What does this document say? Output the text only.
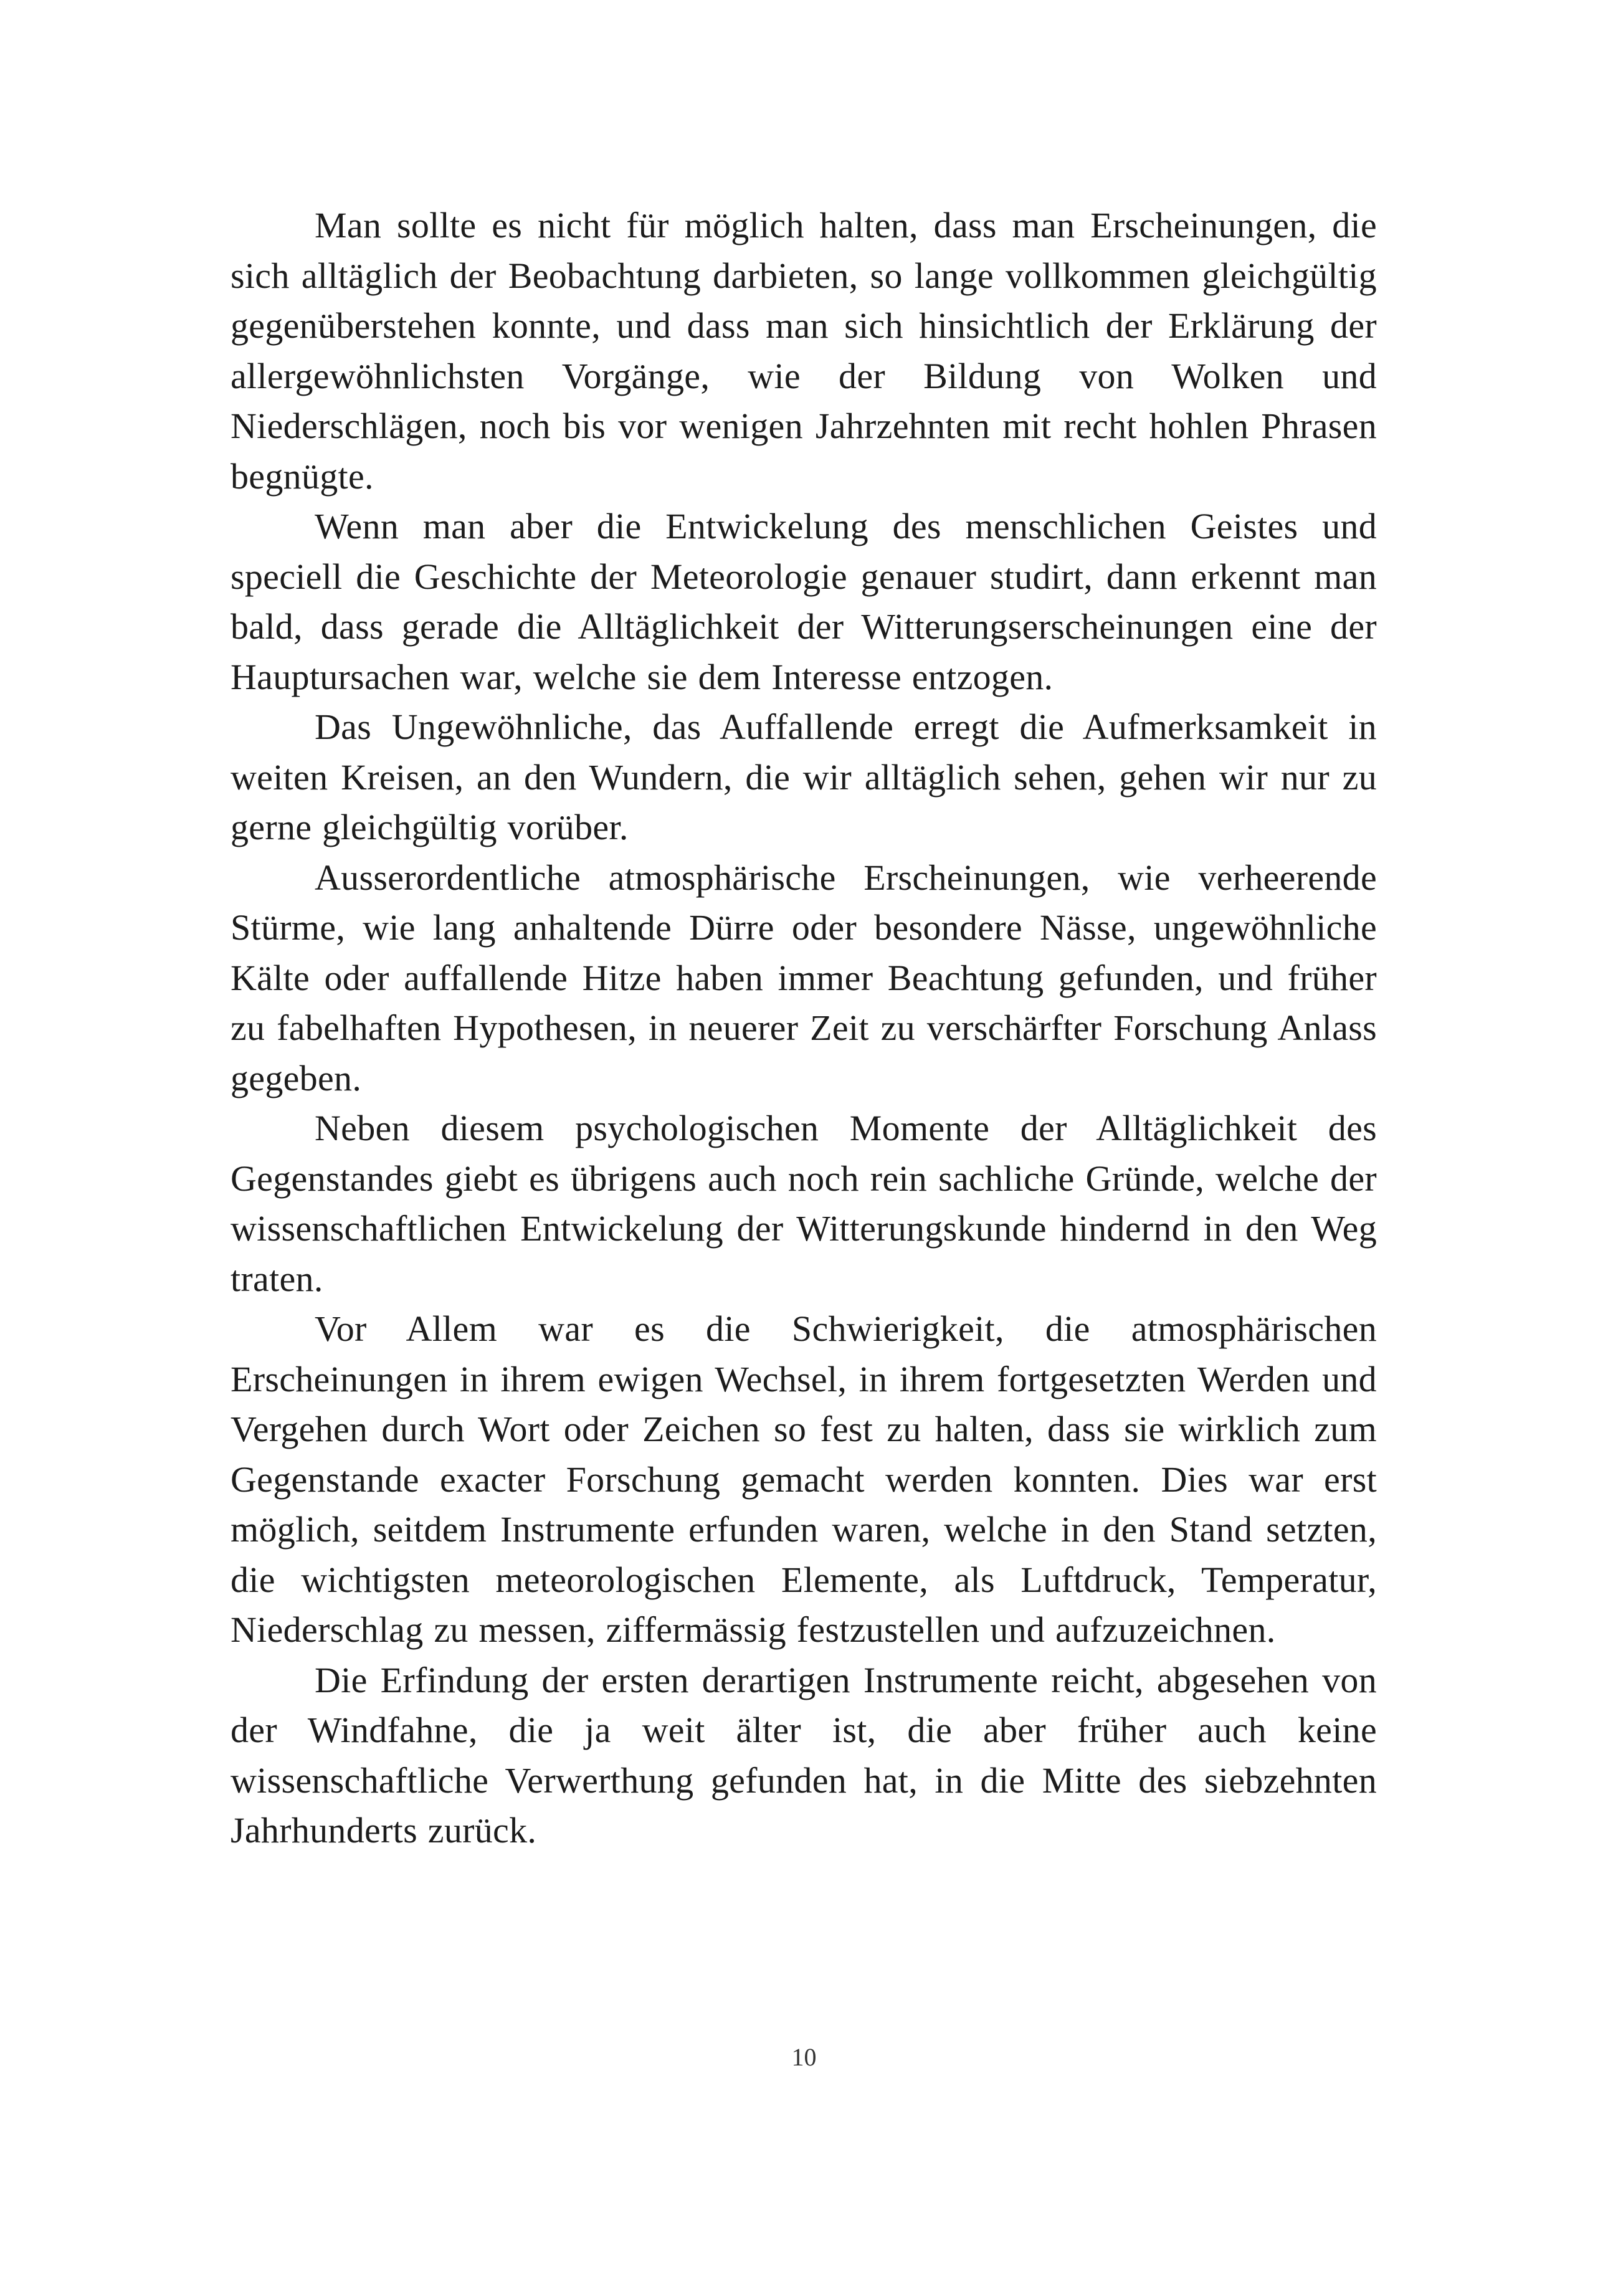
Man sollte es nicht für möglich halten, dass man Erscheinungen, die sich alltäglich der Beobachtung darbieten, so lange vollkommen gleichgültig gegenüberstehen konnte, und dass man sich hinsichtlich der Erklärung der allergewöhnlichsten Vorgänge, wie der Bildung von Wolken und Niederschlägen, noch bis vor wenigen Jahrzehnten mit recht hohlen Phrasen begnügte.

Wenn man aber die Entwickelung des menschlichen Geistes und speciell die Geschichte der Meteorologie genauer studirt, dann erkennt man bald, dass gerade die Alltäglichkeit der Witterungserscheinungen eine der Hauptursachen war, welche sie dem Interesse entzogen.

Das Ungewöhnliche, das Auffallende erregt die Aufmerksamkeit in weiten Kreisen, an den Wundern, die wir alltäglich sehen, gehen wir nur zu gerne gleichgültig vorüber.

Ausserordentliche atmosphärische Erscheinungen, wie verheerende Stürme, wie lang anhaltende Dürre oder besondere Nässe, ungewöhnliche Kälte oder auffallende Hitze haben immer Beachtung gefunden, und früher zu fabelhaften Hypothesen, in neuerer Zeit zu verschärfter Forschung Anlass gegeben.

Neben diesem psychologischen Momente der Alltäglichkeit des Gegenstandes giebt es übrigens auch noch rein sachliche Gründe, welche der wissenschaftlichen Entwickelung der Witterungskunde hindernd in den Weg traten.

Vor Allem war es die Schwierigkeit, die atmosphärischen Erscheinungen in ihrem ewigen Wechsel, in ihrem fortgesetzten Werden und Vergehen durch Wort oder Zeichen so fest zu halten, dass sie wirklich zum Gegenstande exacter Forschung gemacht werden konnten. Dies war erst möglich, seitdem Instrumente erfunden waren, welche in den Stand setzten, die wichtigsten meteorologischen Elemente, als Luftdruck, Temperatur, Niederschlag zu messen, ziffermässig festzustellen und aufzuzeichnen.

Die Erfindung der ersten derartigen Instrumente reicht, abgesehen von der Windfahne, die ja weit älter ist, die aber früher auch keine wissenschaftliche Verwerthung gefunden hat, in die Mitte des siebzehnten Jahrhunderts zurück.

10
